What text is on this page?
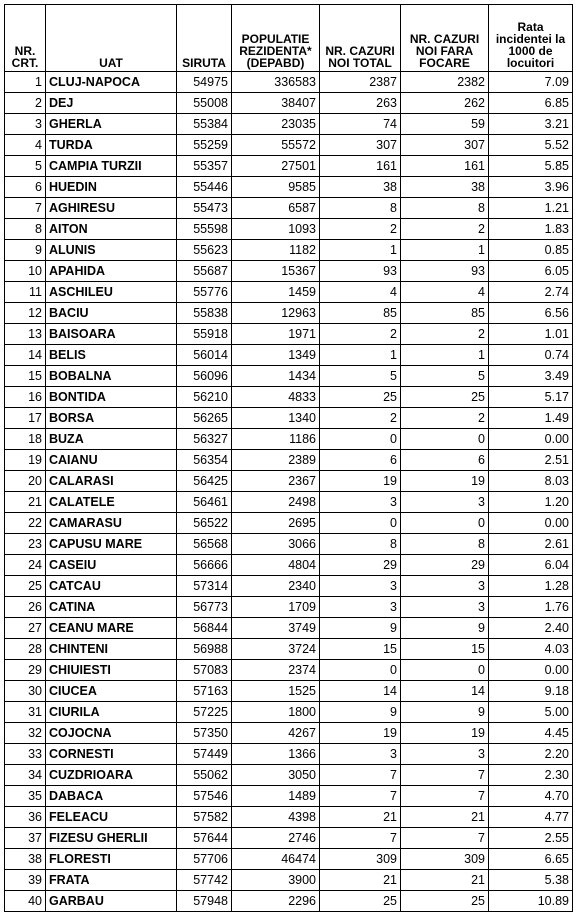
NR. CRT.	UAT	SIRUTA	POPULATIE REZIDENTA* (DEPABD)	NR. CAZURI NOI TOTAL	NR. CAZURI NOI FARA FOCARE	Rata incidentei la 1000 de locuitori
1	CLUJ-NAPOCA	54975	336583	2387	2382	7.09
2	DEJ	55008	38407	263	262	6.85
3	GHERLA	55384	23035	74	59	3.21
4	TURDA	55259	55572	307	307	5.52
5	CAMPIA TURZII	55357	27501	161	161	5.85
6	HUEDIN	55446	9585	38	38	3.96
7	AGHIRESU	55473	6587	8	8	1.21
8	AITON	55598	1093	2	2	1.83
9	ALUNIS	55623	1182	1	1	0.85
10	APAHIDA	55687	15367	93	93	6.05
11	ASCHILEU	55776	1459	4	4	2.74
12	BACIU	55838	12963	85	85	6.56
13	BAISOARA	55918	1971	2	2	1.01
14	BELIS	56014	1349	1	1	0.74
15	BOBALNA	56096	1434	5	5	3.49
16	BONTIDA	56210	4833	25	25	5.17
17	BORSA	56265	1340	2	2	1.49
18	BUZA	56327	1186	0	0	0.00
19	CAIANU	56354	2389	6	6	2.51
20	CALARASI	56425	2367	19	19	8.03
21	CALATELE	56461	2498	3	3	1.20
22	CAMARASU	56522	2695	0	0	0.00
23	CAPUSU MARE	56568	3066	8	8	2.61
24	CASEIU	56666	4804	29	29	6.04
25	CATCAU	57314	2340	3	3	1.28
26	CATINA	56773	1709	3	3	1.76
27	CEANU MARE	56844	3749	9	9	2.40
28	CHINTENI	56988	3724	15	15	4.03
29	CHIUIESTI	57083	2374	0	0	0.00
30	CIUCEA	57163	1525	14	14	9.18
31	CIURILA	57225	1800	9	9	5.00
32	COJOCNA	57350	4267	19	19	4.45
33	CORNESTI	57449	1366	3	3	2.20
34	CUZDRIOARA	55062	3050	7	7	2.30
35	DABACA	57546	1489	7	7	4.70
36	FELEACU	57582	4398	21	21	4.77
37	FIZESU GHERLII	57644	2746	7	7	2.55
38	FLORESTI	57706	46474	309	309	6.65
39	FRATA	57742	3900	21	21	5.38
40	GARBAU	57948	2296	25	25	10.89
